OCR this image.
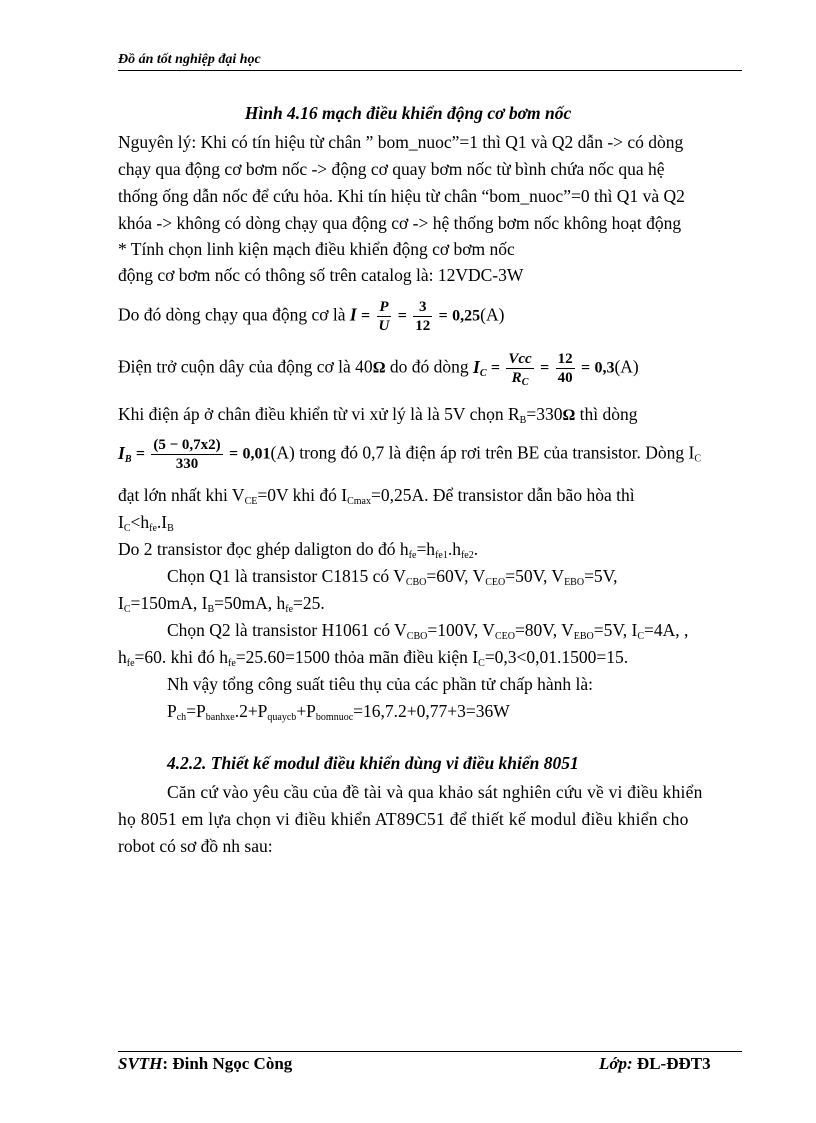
Đồ án tốt nghiệp đại học
Hình 4.16 mạch điều khiển động cơ bơm nốc
Nguyên lý: Khi có tín hiệu từ chân ” bom_nuoc”=1 thì Q1 và Q2 dẫn -> có dòng
chạy qua động cơ bơm nốc -> động cơ quay bơm nốc từ bình chứa nốc qua hệ
thống ống dẫn nốc để cứu hỏa. Khi tín hiệu từ chân “bom_nuoc”=0 thì Q1 và Q2
khóa -> không có dòng chạy qua động cơ -> hệ thống bơm nốc không hoạt động
* Tính chọn linh kiện mạch điều khiển động cơ bơm nốc
động cơ bơm nốc có thông số trên catalog là: 12VDC-3W
Do đó dòng chạy qua động cơ là $I = \frac{P}{U} = \frac{3}{12} = 0,25(A)$
Điện trở cuộn dây của động cơ là 40Ω do đó dòng $I_C = \frac{\text{Vcc}}{R_C} = \frac{12}{40} = 0,3(A)$
Khi điện áp ở chân điều khiển từ vi xử lý là là 5V chọn $R_B=330\Omega$ thì dòng
$I_B = \frac{(5 - 0,7x2)}{330} = 0,01(A)$ trong đó 0,7 là điện áp rơi trên BE của transistor. Dòng $I_C$
đạt lớn nhất khi $V_{CE}=0V$ khi đó $I_{Cmax}=0,25A$. Để transistor dẫn bão hòa thì
$I_C<h_{fe}.I_B$
Do 2 transistor đọc ghép daligton do đó $h_{fe}=h_{fe1}.h_{fe2}$.
Chọn Q1 là transistor C1815 có $V_{CBO}=60V$, $V_{CEO}=50V$, $V_{EBO}=5V$,
$I_C=150mA$, $I_B=50mA$, $h_{fe}=25$.
Chọn Q2 là transistor H1061 có $V_{CBO}=100V$, $V_{CEO}=80V$, $V_{EBO}=5V$, $I_C=4A$, ,
$h_{fe}=60$. khi đó $h_{fe}=25.60=1500$ thỏa mãn điều kiện $I_C=0,3<0,01.1500=15$.
Nh vậy tổng công suất tiêu thụ của các phần tử chấp hành là:
$P_{ch}=P_{banhxe}.2+P_{quaycb}+P_{bomnuoc}=16,7.2+0,77+3=36W$
4.2.2. Thiết kế modul điều khiển dùng vi điều khiển 8051
Căn cứ vào yêu cầu của đề tài và qua khảo sát nghiên cứu về vi điều khiển
họ 8051 em lựa chọn vi điều khiển AT89C51 để thiết kế modul điều khiển cho
robot có sơ đồ nh sau:
SVTH: Đinh Ngọc Còng	Lớp: ĐL-ĐĐT3
